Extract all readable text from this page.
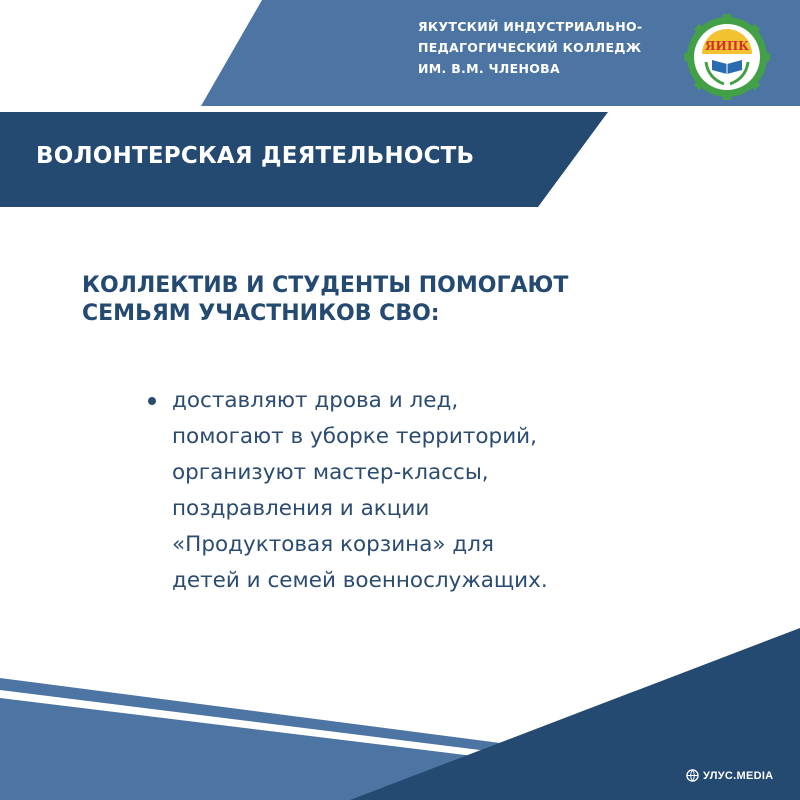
ЯКУТСКИЙ ИНДУСТРИАЛЬНО-
ПЕДАГОГИЧЕСКИЙ КОЛЛЕДЖ
ИМ. В.М. ЧЛЕНОВА
ЯИПК
ВОЛОНТЕРСКАЯ ДЕЯТЕЛЬНОСТЬ
КОЛЛЕКТИВ И СТУДЕНТЫ ПОМОГАЮТ
СЕМЬЯМ УЧАСТНИКОВ СВО:
доставляют дрова и лед,
помогают в уборке территорий,
организуют мастер-классы,
поздравления и акции
«Продуктовая корзина» для
детей и семей военнослужащих.
УЛУС.MEDIA
